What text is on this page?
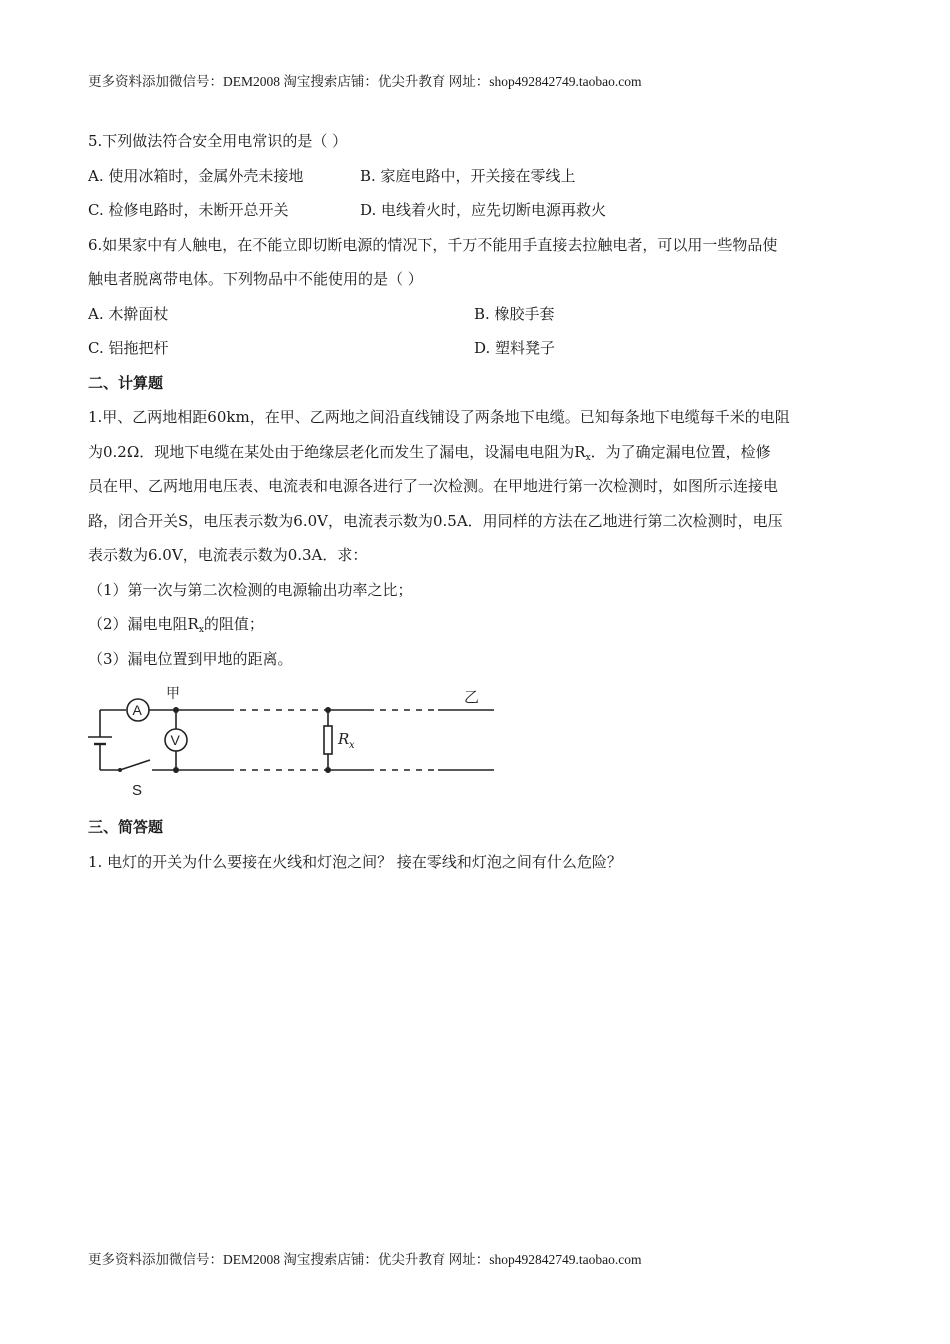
更多资料添加微信号：DEM2008 淘宝搜索店铺：优尖升教育 网址：shop492842749.taobao.com
5.下列做法符合安全用电常识的是（ ）
A. 使用冰箱时，金属外壳未接地	B. 家庭电路中，开关接在零线上
C. 检修电路时，未断开总开关	D. 电线着火时，应先切断电源再救火
6.如果家中有人触电，在不能立即切断电源的情况下，千万不能用手直接去拉触电者，可以用一些物品使
触电者脱离带电体。下列物品中不能使用的是（ ）
A. 木擀面杖	B. 橡胶手套
C. 铝拖把杆	D. 塑料凳子
二、计算题
1.甲、乙两地相距60km，在甲、乙两地之间沿直线铺设了两条地下电缆。已知每条地下电缆每千米的电阻
为0.2Ω．现地下电缆在某处由于绝缘层老化而发生了漏电，设漏电电阻为$R_x$．为了确定漏电位置，检修
员在甲、乙两地用电压表、电流表和电源各进行了一次检测。在甲地进行第一次检测时，如图所示连接电
路，闭合开关S，电压表示数为6.0V，电流表示数为0.5A．用同样的方法在乙地进行第二次检测时，电压
表示数为6.0V，电流表示数为0.3A．求：
（1）第一次与第二次检测的电源输出功率之比；
（2）漏电电阻$R_x$的阻值；
（3）漏电位置到甲地的距离。
A
V
S
甲	乙
R x
三、简答题
1. 电灯的开关为什么要接在火线和灯泡之间？ 接在零线和灯泡之间有什么危险？
更多资料添加微信号：DEM2008 淘宝搜索店铺：优尖升教育 网址：shop492842749.taobao.com
